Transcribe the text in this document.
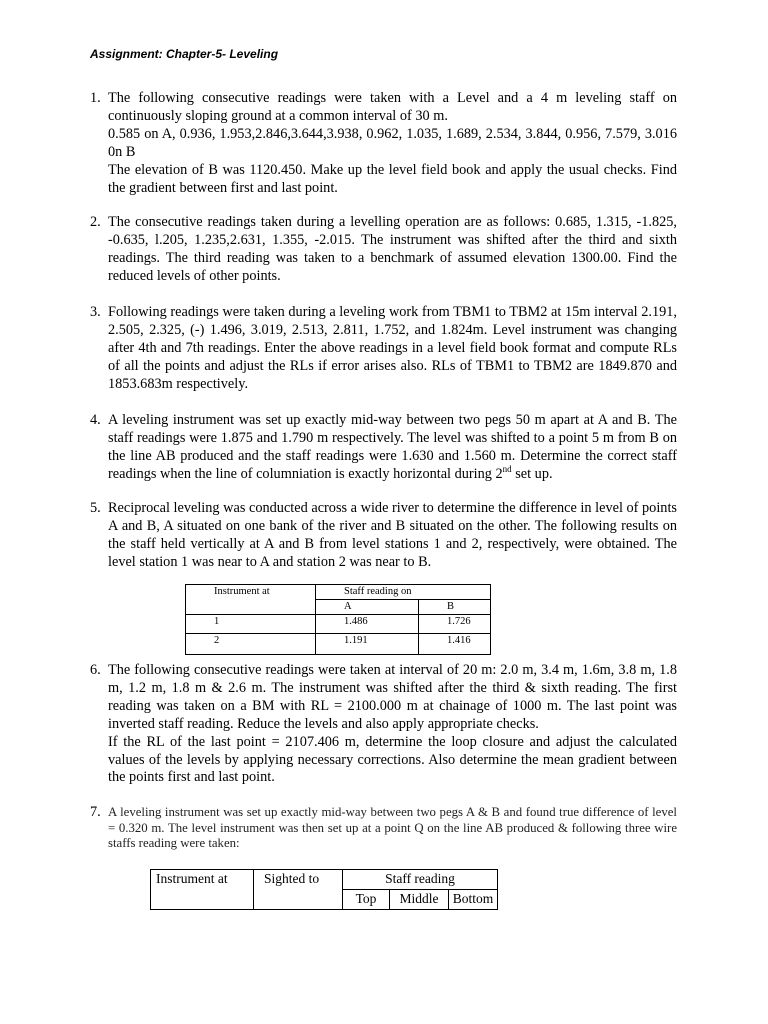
Assignment: Chapter-5- Leveling
1. The following consecutive readings were taken with a Level and a 4 m leveling staff on continuously sloping ground at a common interval of 30 m.

0.585 on A, 0.936, 1.953,2.846,3.644,3.938, 0.962, 1.035, 1.689, 2.534, 3.844, 0.956, 7.579, 3.016 0n B

The elevation of B was 1120.450. Make up the level field book and apply the usual checks. Find the gradient between first and last point.

2. The consecutive readings taken during a levelling operation are as follows: 0.685, 1.315, -1.825, -0.635, l.205, 1.235,2.631, 1.355, -2.015. The instrument was shifted after the third and sixth readings. The third reading was taken to a benchmark of assumed elevation 1300.00. Find the reduced levels of other points.

3. Following readings were taken during a leveling work from TBM1 to TBM2 at 15m interval 2.191, 2.505, 2.325, (-) 1.496, 3.019, 2.513, 2.811, 1.752, and 1.824m. Level instrument was changing after 4th and 7th readings. Enter the above readings in a level field book format and compute RLs of all the points and adjust the RLs if error arises also. RLs of TBM1 to TBM2 are 1849.870 and 1853.683m respectively.

4. A leveling instrument was set up exactly mid-way between two pegs 50 m apart at A and B. The staff readings were 1.875 and 1.790 m respectively. The level was shifted to a point 5 m from B on the line AB produced and the staff readings were 1.630 and 1.560 m. Determine the correct staff readings when the line of columniation is exactly horizontal during 2nd set up.

5. Reciprocal leveling was conducted across a wide river to determine the difference in level of points A and B, A situated on one bank of the river and B situated on the other. The following results on the staff held vertically at A and B from level stations 1 and 2, respectively, were obtained. The level station 1 was near to A and station 2 was near to B.

Instrument at	Staff reading on	
	A	B
1	1.486	1.726
2	1.191	1.416
6. The following consecutive readings were taken at interval of 20 m: 2.0 m, 3.4 m, 1.6m, 3.8 m, 1.8 m, 1.2 m, 1.8 m & 2.6 m. The instrument was shifted after the third & sixth reading. The first reading was taken on a BM with RL = 2100.000 m at chainage of 1000 m. The last point was inverted staff reading. Reduce the levels and also apply appropriate checks.

If the RL of the last point = 2107.406 m, determine the loop closure and adjust the calculated values of the levels by applying necessary corrections. Also determine the mean gradient between the points first and last point.

7. A leveling instrument was set up exactly mid-way between two pegs A & B and found true difference of level = 0.320 m. The level instrument was then set up at a point Q on the line AB produced & following three wire staffs reading were taken:

Instrument at	Sighted to	Staff reading		
		Top	Middle	Bottom
